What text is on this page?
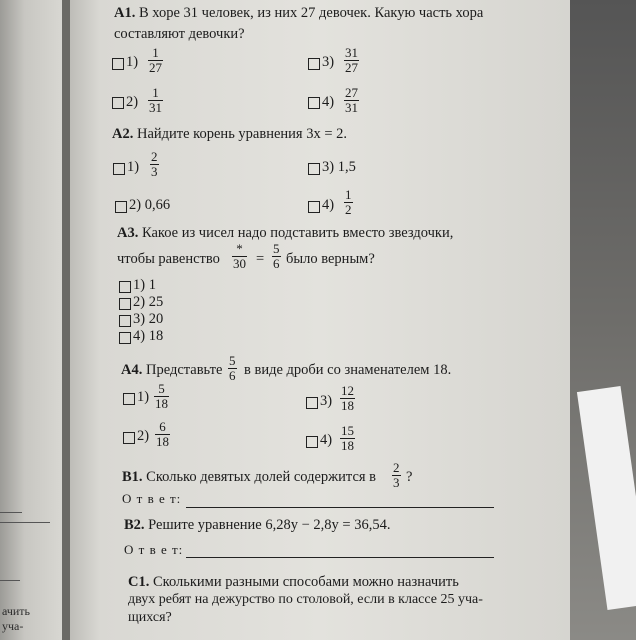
ачить
уча-
А1. В хоре 31 человек, из них 27 девочек. Какую часть хора
составляют девочки?
1)
1
27	3)
31
27
2)
1
31	4)
27
31
А2. Найдите корень уравнения 3x = 2.
1)
2
3	3) 1,5
2) 0,66	4)
1
2
А3. Какое из чисел надо подставить вместо звездочки,
чтобы равенство
*
30 =
5
6 было верным?
1) 1
2) 25
3) 20
4) 18
А4. Представьте
5
6 в виде дроби со знаменателем 18.
1)
5
18	3)
12
18
2)
6
18	4)
15
18
В1. Сколько девятых долей содержится в
2
3 ?
О т в е т:
В2. Решите уравнение 6,28y − 2,8y = 36,54.
О т в е т:
С1. Сколькими разными способами можно назначить
двух ребят на дежурство по столовой, если в классе 25 уча-
щихся?
